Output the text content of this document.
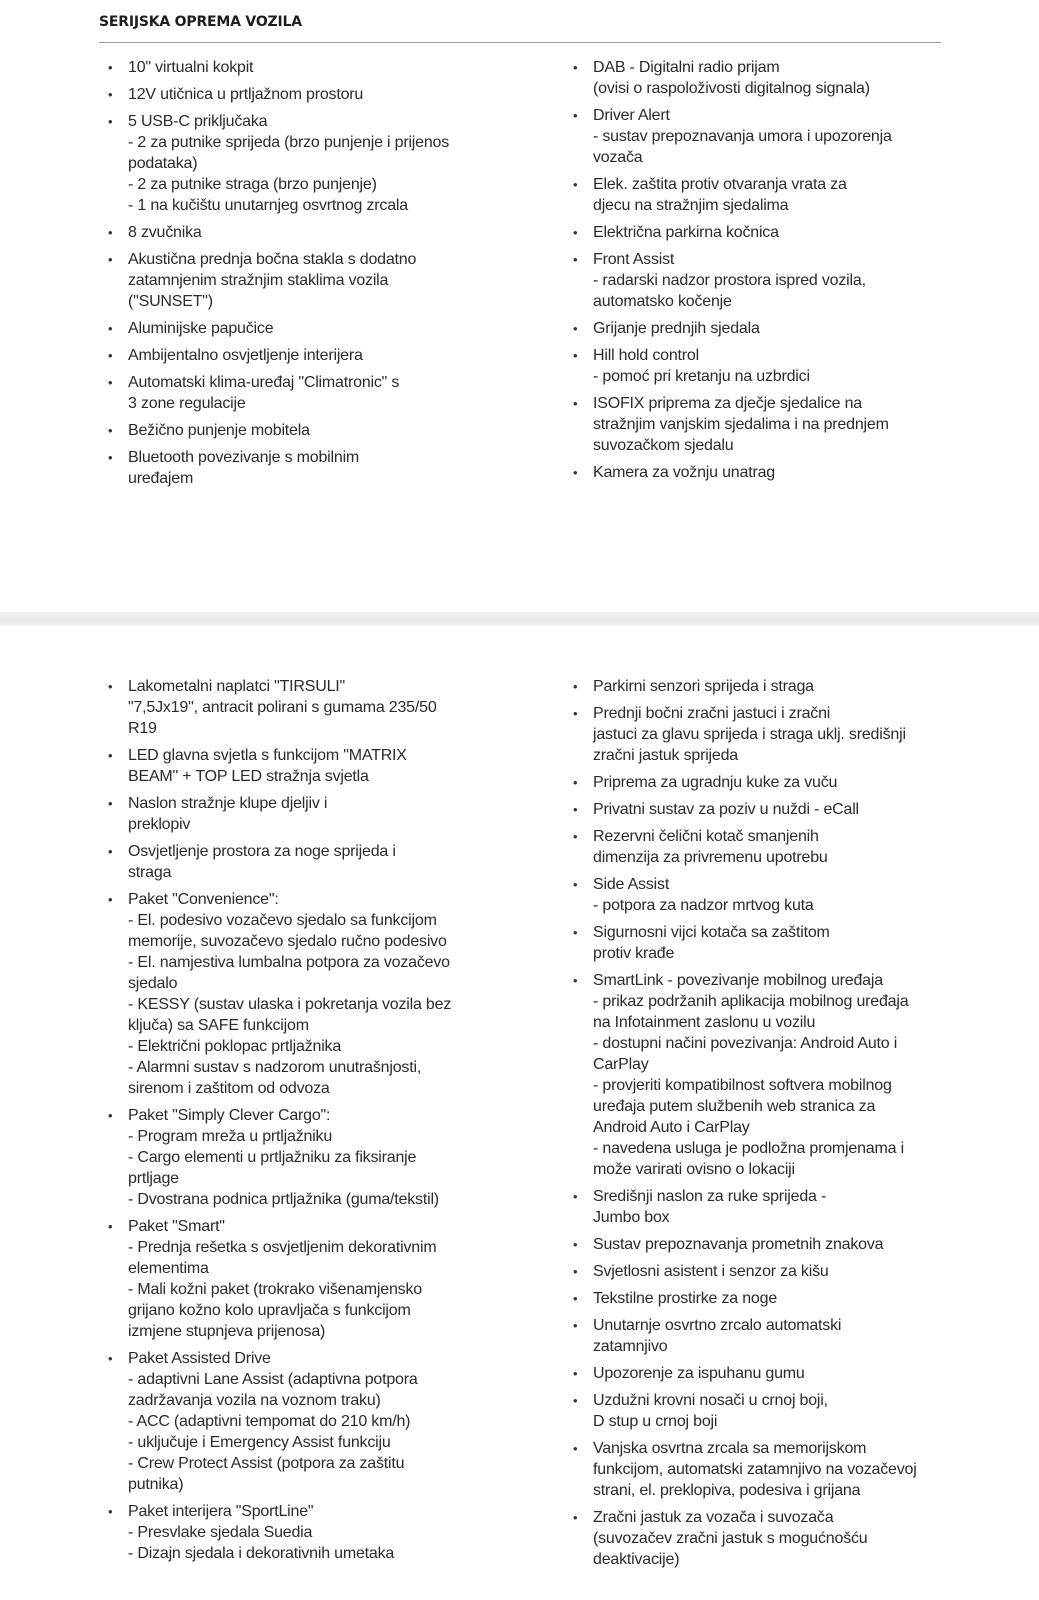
SERIJSKA OPREMA VOZILA
• 10" virtualni kokpit
• 12V utičnica u prtljažnom prostoru
• 5 USB-C priključaka
- 2 za putnike sprijeda (brzo punjenje i prijenos
podataka)
- 2 za putnike straga (brzo punjenje)
- 1 na kučištu unutarnjeg osvrtnog zrcala
• 8 zvučnika
• Akustična prednja bočna stakla s dodatno
zatamnjenim stražnjim staklima vozila
("SUNSET")
• Aluminijske papučice
• Ambijentalno osvjetljenje interijera
• Automatski klima-uređaj "Climatronic" s
3 zone regulacije
• Bežično punjenje mobitela
• Bluetooth povezivanje s mobilnim
uređajem
• DAB - Digitalni radio prijam
(ovisi o raspoloživosti digitalnog signala)
• Driver Alert
- sustav prepoznavanja umora i upozorenja
vozača
• Elek. zaštita protiv otvaranja vrata za
djecu na stražnjim sjedalima
• Električna parkirna kočnica
• Front Assist
- radarski nadzor prostora ispred vozila,
automatsko kočenje
• Grijanje prednjih sjedala
• Hill hold control
- pomoć pri kretanju na uzbrdici
• ISOFIX priprema za dječje sjedalice na
stražnjim vanjskim sjedalima i na prednjem
suvozačkom sjedalu
• Kamera za vožnju unatrag
• Lakometalni naplatci "TIRSULI"
"7,5Jx19", antracit polirani s gumama 235/50
R19
• LED glavna svjetla s funkcijom "MATRIX
BEAM" + TOP LED stražnja svjetla
• Naslon stražnje klupe djeljiv i
preklopiv
• Osvjetljenje prostora za noge sprijeda i
straga
• Paket "Convenience":
- El. podesivo vozačevo sjedalo sa funkcijom
memorije, suvozačevo sjedalo ručno podesivo
- El. namjestiva lumbalna potpora za vozačevo
sjedalo
- KESSY (sustav ulaska i pokretanja vozila bez
ključa) sa SAFE funkcijom
- Električni poklopac prtljažnika
- Alarmni sustav s nadzorom unutrašnjosti,
sirenom i zaštitom od odvoza
• Paket "Simply Clever Cargo":
- Program mreža u prtljažniku
- Cargo elementi u prtljažniku za fiksiranje
prtljage
- Dvostrana podnica prtljažnika (guma/tekstil)
• Paket "Smart"
- Prednja rešetka s osvjetljenim dekorativnim
elementima
- Mali kožni paket (trokrako višenamjensko
grijano kožno kolo upravljača s funkcijom
izmjene stupnjeva prijenosa)
• Paket Assisted Drive
- adaptivni Lane Assist (adaptivna potpora
zadržavanja vozila na voznom traku)
- ACC (adaptivni tempomat do 210 km/h)
- uključuje i Emergency Assist funkciju
- Crew Protect Assist (potpora za zaštitu
putnika)
• Paket interijera "SportLine"
- Presvlake sjedala Suedia
- Dizajn sjedala i dekorativnih umetaka
• Parkirni senzori sprijeda i straga
• Prednji bočni zračni jastuci i zračni
jastuci za glavu sprijeda i straga uklj. središnji
zračni jastuk sprijeda
• Priprema za ugradnju kuke za vuču
• Privatni sustav za poziv u nuždi - eCall
• Rezervni čelični kotač smanjenih
dimenzija za privremenu upotrebu
• Side Assist
- potpora za nadzor mrtvog kuta
• Sigurnosni vijci kotača sa zaštitom
protiv krađe
• SmartLink - povezivanje mobilnog uređaja
- prikaz podržanih aplikacija mobilnog uređaja
na Infotainment zaslonu u vozilu
- dostupni načini povezivanja: Android Auto i
CarPlay
- provjeriti kompatibilnost softvera mobilnog
uređaja putem službenih web stranica za
Android Auto i CarPlay
- navedena usluga je podložna promjenama i
može varirati ovisno o lokaciji
• Središnji naslon za ruke sprijeda -
Jumbo box
• Sustav prepoznavanja prometnih znakova
• Svjetlosni asistent i senzor za kišu
• Tekstilne prostirke za noge
• Unutarnje osvrtno zrcalo automatski
zatamnjivo
• Upozorenje za ispuhanu gumu
• Uzdužni krovni nosači u crnoj boji,
D stup u crnoj boji
• Vanjska osvrtna zrcala sa memorijskom
funkcijom, automatski zatamnjivo na vozačevoj
strani, el. preklopiva, podesiva i grijana
• Zračni jastuk za vozača i suvozača
(suvozačev zračni jastuk s mogućnošću
deaktivacije)
